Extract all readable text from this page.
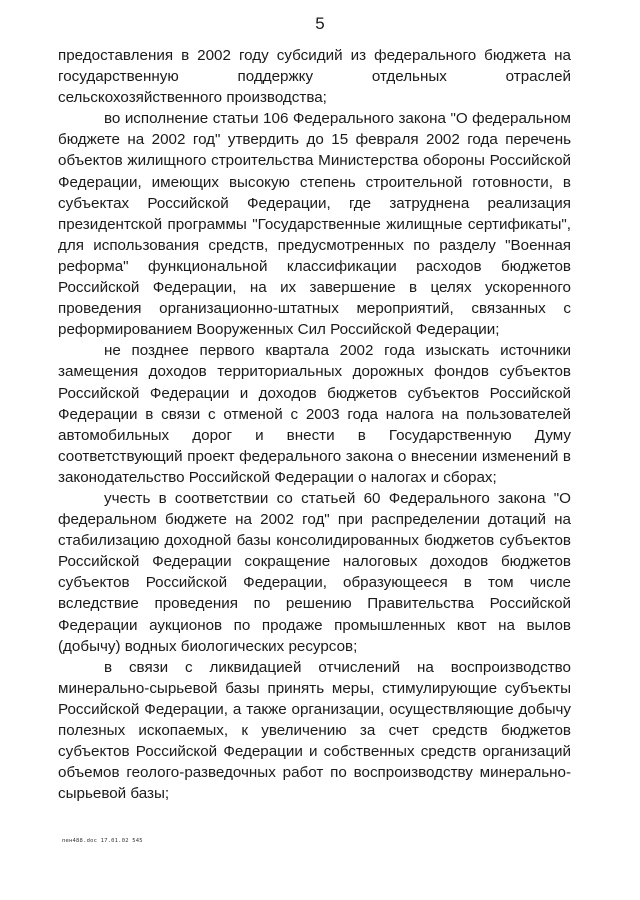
5

предоставления в 2002 году субсидий из федерального бюджета на государственную поддержку отдельных отраслей сельскохозяйственного производства;

во исполнение статьи 106 Федерального закона "О федеральном бюджете на 2002 год" утвердить до 15 февраля 2002 года перечень объектов жилищного строительства Министерства обороны Российской Федерации, имеющих высокую степень строительной готовности, в субъектах Российской Федерации, где затруднена реализация президентской программы "Государственные жилищные сертификаты", для использования средств, предусмотренных по разделу "Военная реформа" функциональной классификации расходов бюджетов Российской Федерации, на их завершение в целях ускоренного проведения организационно-штатных мероприятий, связанных с реформированием Вооруженных Сил Российской Федерации;

не позднее первого квартала 2002 года изыскать источники замещения доходов территориальных дорожных фондов субъектов Российской Федерации и доходов бюджетов субъектов Российской Федерации в связи с отменой с 2003 года налога на пользователей автомобильных дорог и внести в Государственную Думу соответствующий проект федерального закона о внесении изменений в законодательство Российской Федерации о налогах и сборах;

учесть в соответствии со статьей 60 Федерального закона "О федеральном бюджете на 2002 год" при распределении дотаций на стабилизацию доходной базы консолидированных бюджетов субъектов Российской Федерации сокращение налоговых доходов бюджетов субъектов Российской Федерации, образующееся в том числе вследствие проведения по решению Правительства Российской Федерации аукционов по продаже промышленных квот на вылов (добычу) водных биологических ресурсов;

в связи с ликвидацией отчислений на воспроизводство минерально-сырьевой базы принять меры, стимулирующие субъекты Российской Федерации, а также организации, осуществляющие добычу полезных ископаемых, к увеличению за счет средств бюджетов субъектов Российской Федерации и собственных средств организаций объемов геолого-разведочных работ по воспроизводству минерально-сырьевой базы;

пен488.doc 17.01.02 545
